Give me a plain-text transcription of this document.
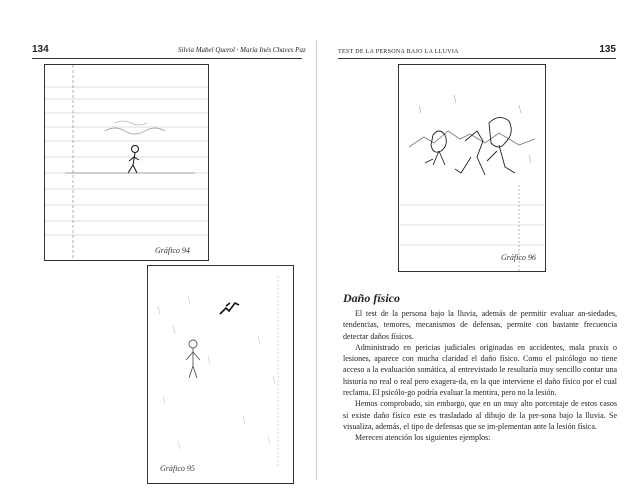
134	Silvia Mabel Querol · María Inés Chaves Paz
Gráfico 94
Gráfico 95
TEST DE LA PERSONA BAJO LA LLUVIA	135
Gráfico 96
Daño físico

El test de la persona bajo la lluvia, además de permitir evaluar an-siedades, tendencias, temores, mecanismos de defensas, permite con bastante frecuencia detectar daños físicos.

Administrado en pericias judiciales originadas en accidentes, mala praxis o lesiones, aparece con mucha claridad el daño físico. Como el psicólogo no tiene acceso a la evaluación somática, al entrevistado le resultaría muy sencillo contar una historia no real o real pero exagera-da, en la que interviene el daño físico por el cual reclama. El psicólo-go podría evaluar la mentira, pero no la lesión.

Hemos comprobado, sin embargo, que en un muy alto porcentaje de estos casos si existe daño físico este es trasladado al dibujo de la per-sona bajo la lluvia. Se visualiza, además, el tipo de defensas que se im-plementan ante la lesión física.

Merecen atención los siguientes ejemplos:
